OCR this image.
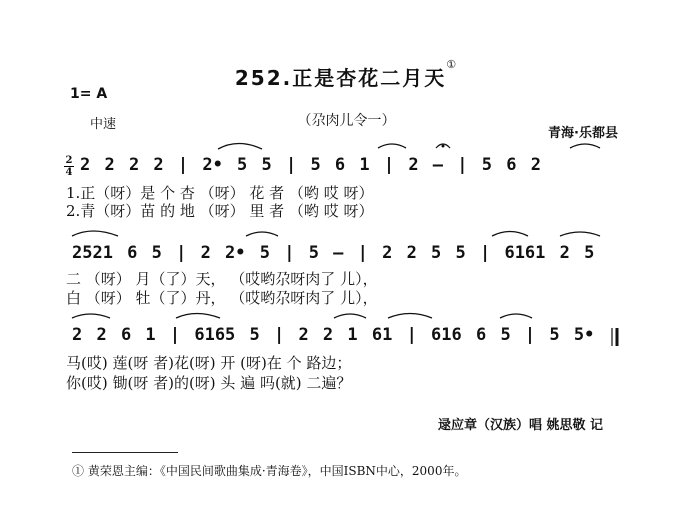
252.正是杏花二月天①
1= A
中速	（尕肉儿令一）
青海·乐都县
2
4 2 2 2 2 | 2• 5 5 | 5 6 1 | 2 — | 5 6 2
1.正（呀）是 个 杏 （呀） 花 者 （哟 哎 呀）
2.青（呀）苗 的 地 （呀） 里 者 （哟 哎 呀）
2521 6 5 | 2 2• 5 | 5 — | 2 2 5 5 | 6161 2 5
二 （呀） 月（了）天， （哎哟尕呀肉了 儿），
白 （呀） 牡（了）丹， （哎哟尕呀肉了 儿），
2 2 6 1 | 6165 5 | 2 2 1 61 | 616 6 5 | 5 5•
马(哎) 莲(呀 者)花(呀) 开 (呀)在 个 路边；
你(哎) 锄(呀 者)的(呀) 头 遍 吗(就) 二遍？
逯应章（汉族）唱 姚思敬 记
① 黄荣恩主编：《中国民间歌曲集成·青海卷》，中国ISBN中心，2000年。
